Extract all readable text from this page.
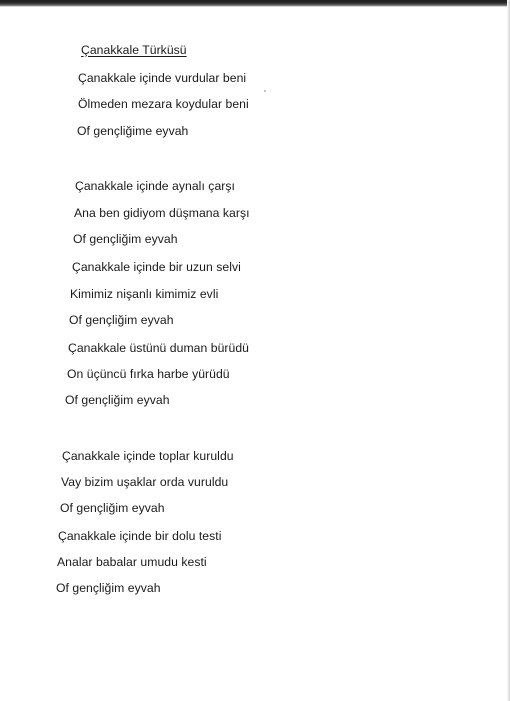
Çanakkale Türküsü
Çanakkale içinde vurdular beni
Ölmeden mezara koydular beni
Of gençliğime eyvah
Çanakkale içinde aynalı çarşı
Ana ben gidiyom düşmana karşı
Of gençliğim eyvah
Çanakkale içinde bir uzun selvi
Kimimiz nişanlı kimimiz evli
Of gençliğim eyvah
Çanakkale üstünü duman bürüdü
On üçüncü fırka harbe yürüdü
Of gençliğim eyvah
Çanakkale içinde toplar kuruldu
Vay bizim uşaklar orda vuruldu
Of gençliğim eyvah
Çanakkale içinde bir dolu testi
Analar babalar umudu kesti
Of gençliğim eyvah
